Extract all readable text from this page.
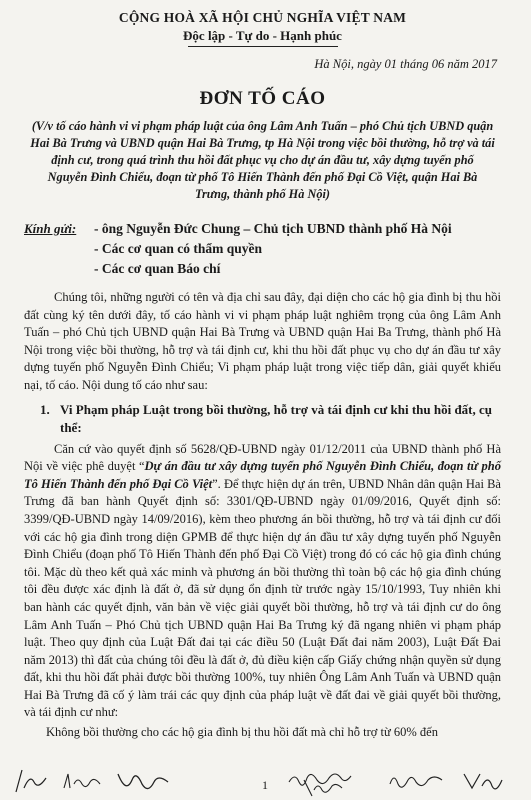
CỘNG HOÀ XÃ HỘI CHỦ NGHĨA VIỆT NAM
Độc lập - Tự do - Hạnh phúc
Hà Nội, ngày 01 tháng 06 năm 2017
ĐƠN TỐ CÁO
(V/v tố cáo hành vi vi phạm pháp luật của ông Lâm Anh Tuấn – phó Chủ tịch UBND quận Hai Bà Trưng và UBND quận Hai Bà Trưng, tp Hà Nội trong việc bồi thường, hỗ trợ và tái định cư, trong quá trình thu hồi đất phục vụ cho dự án đầu tư, xây dựng tuyến phố Nguyễn Đình Chiểu, đoạn từ phố Tô Hiến Thành đến phố Đại Cồ Việt, quận Hai Bà Trưng, thành phố Hà Nội)
Kính gửi:	- ông Nguyễn Đức Chung – Chủ tịch UBND thành phố Hà Nội
- Các cơ quan có thẩm quyền
- Các cơ quan Báo chí
Chúng tôi, những người có tên và địa chỉ sau đây, đại diện cho các hộ gia đình bị thu hồi đất cùng ký tên dưới đây, tố cáo hành vi vi phạm pháp luật nghiêm trọng của ông Lâm Anh Tuấn – phó Chủ tịch UBND quận Hai Bà Trưng và UBND quận Hai Ba Trưng, thành phố Hà Nội trong việc bồi thường, hỗ trợ và tái định cư, khi thu hồi đất phục vụ cho dự án đầu tư xây dựng tuyến phố Nguyễn Đình Chiểu; Vi phạm pháp luật trong việc tiếp dân, giải quyết khiếu nại, tố cáo. Nội dung tố cáo như sau:
1. Vi Phạm pháp Luật trong bồi thường, hỗ trợ và tái định cư khi thu hồi đất, cụ thể:
Căn cứ vào quyết định số 5628/QĐ-UBND ngày 01/12/2011 của UBND thành phố Hà Nội về việc phê duyệt “Dự án đầu tư xây dựng tuyến phố Nguyễn Đình Chiểu, đoạn từ phố Tô Hiến Thành đến phố Đại Cồ Việt”. Để thực hiện dự án trên, UBND Nhân dân quận Hai Bà Trưng đã ban hành Quyết định số: 3301/QĐ-UBND ngày 01/09/2016, Quyết định số: 3399/QĐ-UBND ngày 14/09/2016), kèm theo phương án bồi thường, hỗ trợ và tái định cư đối với các hộ gia đình trong diện GPMB để thực hiện dự án đầu tư xây dựng tuyến phố Nguyễn Đình Chiểu (đoạn phố Tô Hiến Thành đến phố Đại Cồ Việt) trong đó có các hộ gia đình chúng tôi. Mặc dù theo kết quả xác minh và phương án bồi thường thì toàn bộ các hộ gia đình chúng tôi đều được xác định là đất ở, đã sử dụng ổn định từ trước ngày 15/10/1993, Tuy nhiên khi ban hành các quyết định, văn bản về việc giải quyết bồi thường, hỗ trợ và tái định cư do ông Lâm Anh Tuấn – Phó Chủ tịch UBND quận Hai Ba Trưng ký đã ngang nhiên vi phạm pháp luật. Theo quy định của Luật Đất đai tại các điều 50 (Luật Đất đai năm 2003), Luật Đất Đai năm 2013) thì đất của chúng tôi đều là đất ở, đủ điều kiện cấp Giấy chứng nhận quyền sử dụng đất, khi thu hồi đất phải được bồi thường 100%, tuy nhiên Ông Lâm Anh Tuấn và UBND quận Hai Bà Trưng đã cố ý làm trái các quy định của pháp luật về đất đai về giải quyết bồi thường, và tái định cư như:
Không bồi thường cho các hộ gia đình bị thu hồi đất mà chỉ hỗ trợ từ 60% đến
1
